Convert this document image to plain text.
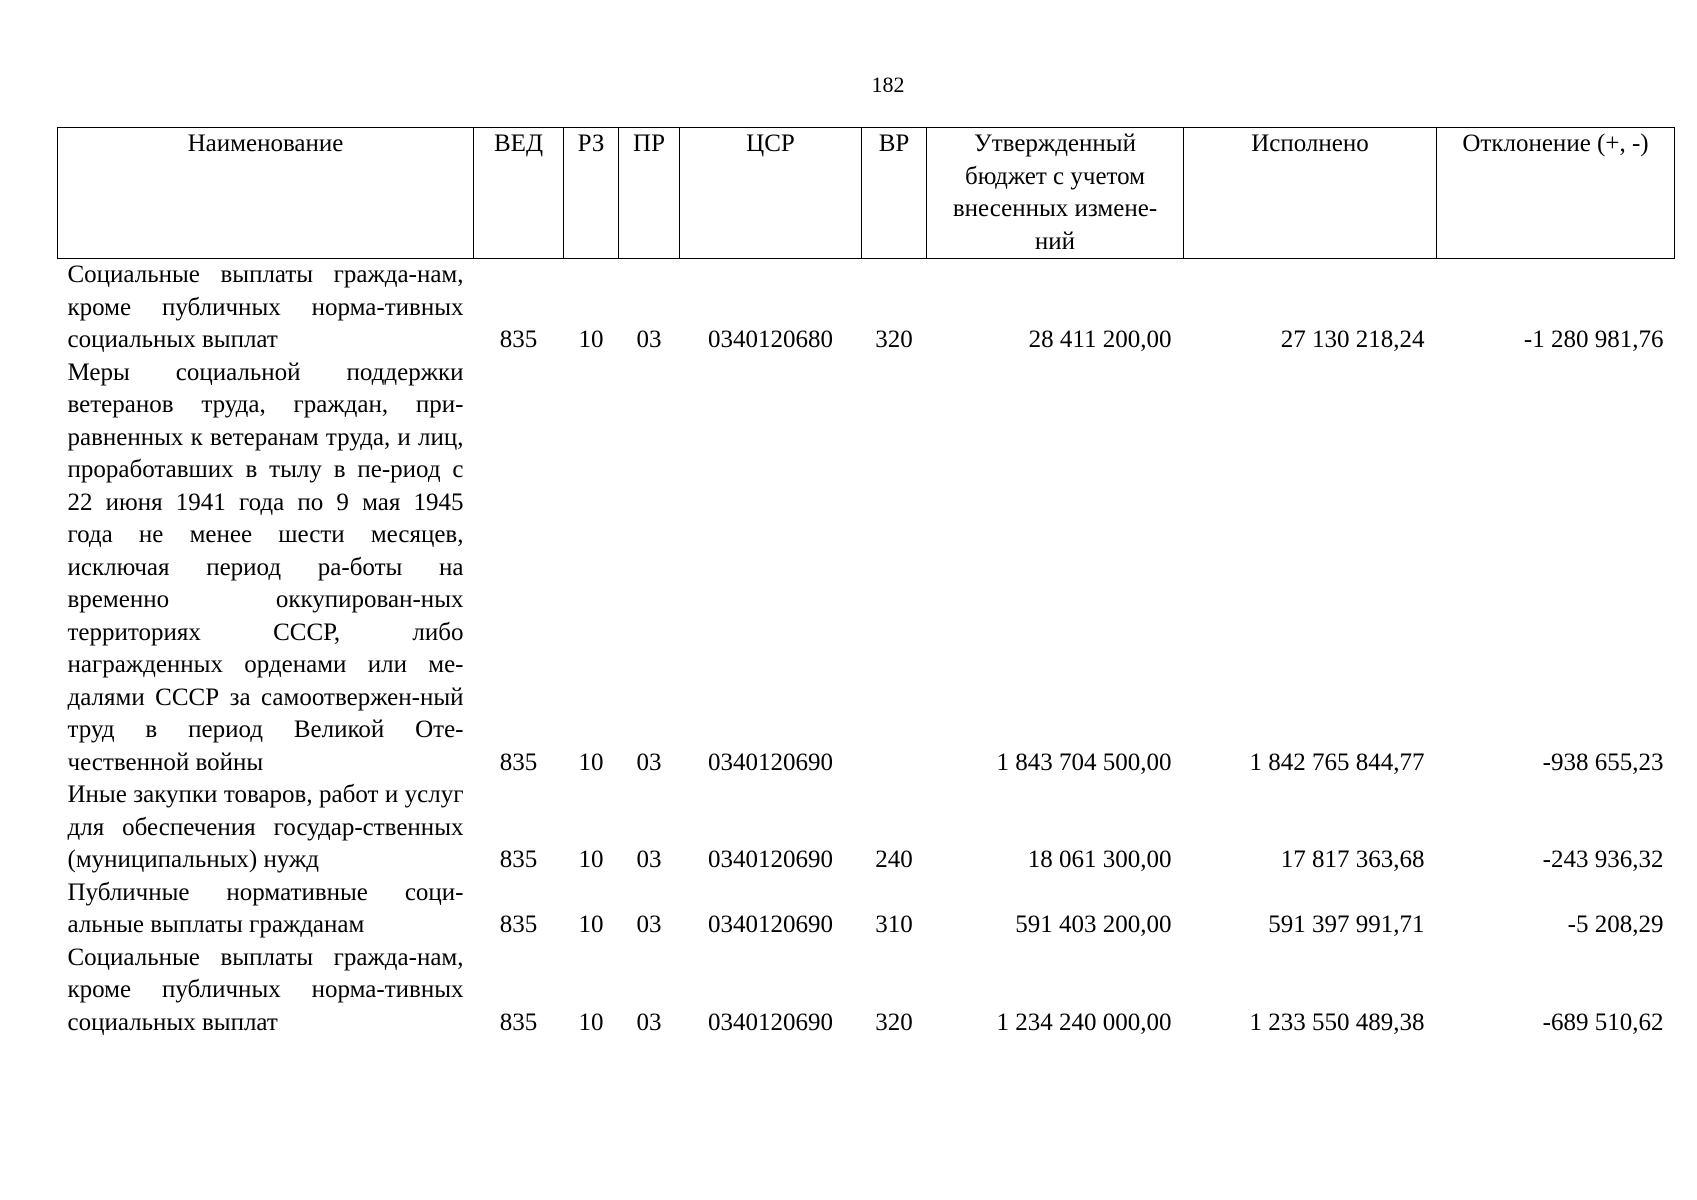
182
Наименование	ВЕД	РЗ	ПР	ЦСР	ВР	Утвержденный бюджет с учетом внесенных измене-ний	Исполнено	Отклонение (+, -)
Социальные выплаты гражда-нам, кроме публичных норма-тивных социальных выплат	835	10	03	0340120680	320	28 411 200,00	27 130 218,24	-1 280 981,76
Меры социальной поддержки ветеранов труда, граждан, при-равненных к ветеранам труда, и лиц, проработавших в тылу в пе-риод с 22 июня 1941 года по 9 мая 1945 года не менее шести месяцев, исключая период ра-боты на временно оккупирован-ных территориях СССР, либо награжденных орденами или ме-далями СССР за самоотвержен-ный труд в период Великой Оте-чественной войны	835	10	03	0340120690		1 843 704 500,00	1 842 765 844,77	-938 655,23
Иные закупки товаров, работ и услуг для обеспечения государ-ственных (муниципальных) нужд	835	10	03	0340120690	240	18 061 300,00	17 817 363,68	-243 936,32
Публичные нормативные соци-альные выплаты гражданам	835	10	03	0340120690	310	591 403 200,00	591 397 991,71	-5 208,29
Социальные выплаты гражда-нам, кроме публичных норма-тивных социальных выплат	835	10	03	0340120690	320	1 234 240 000,00	1 233 550 489,38	-689 510,62
